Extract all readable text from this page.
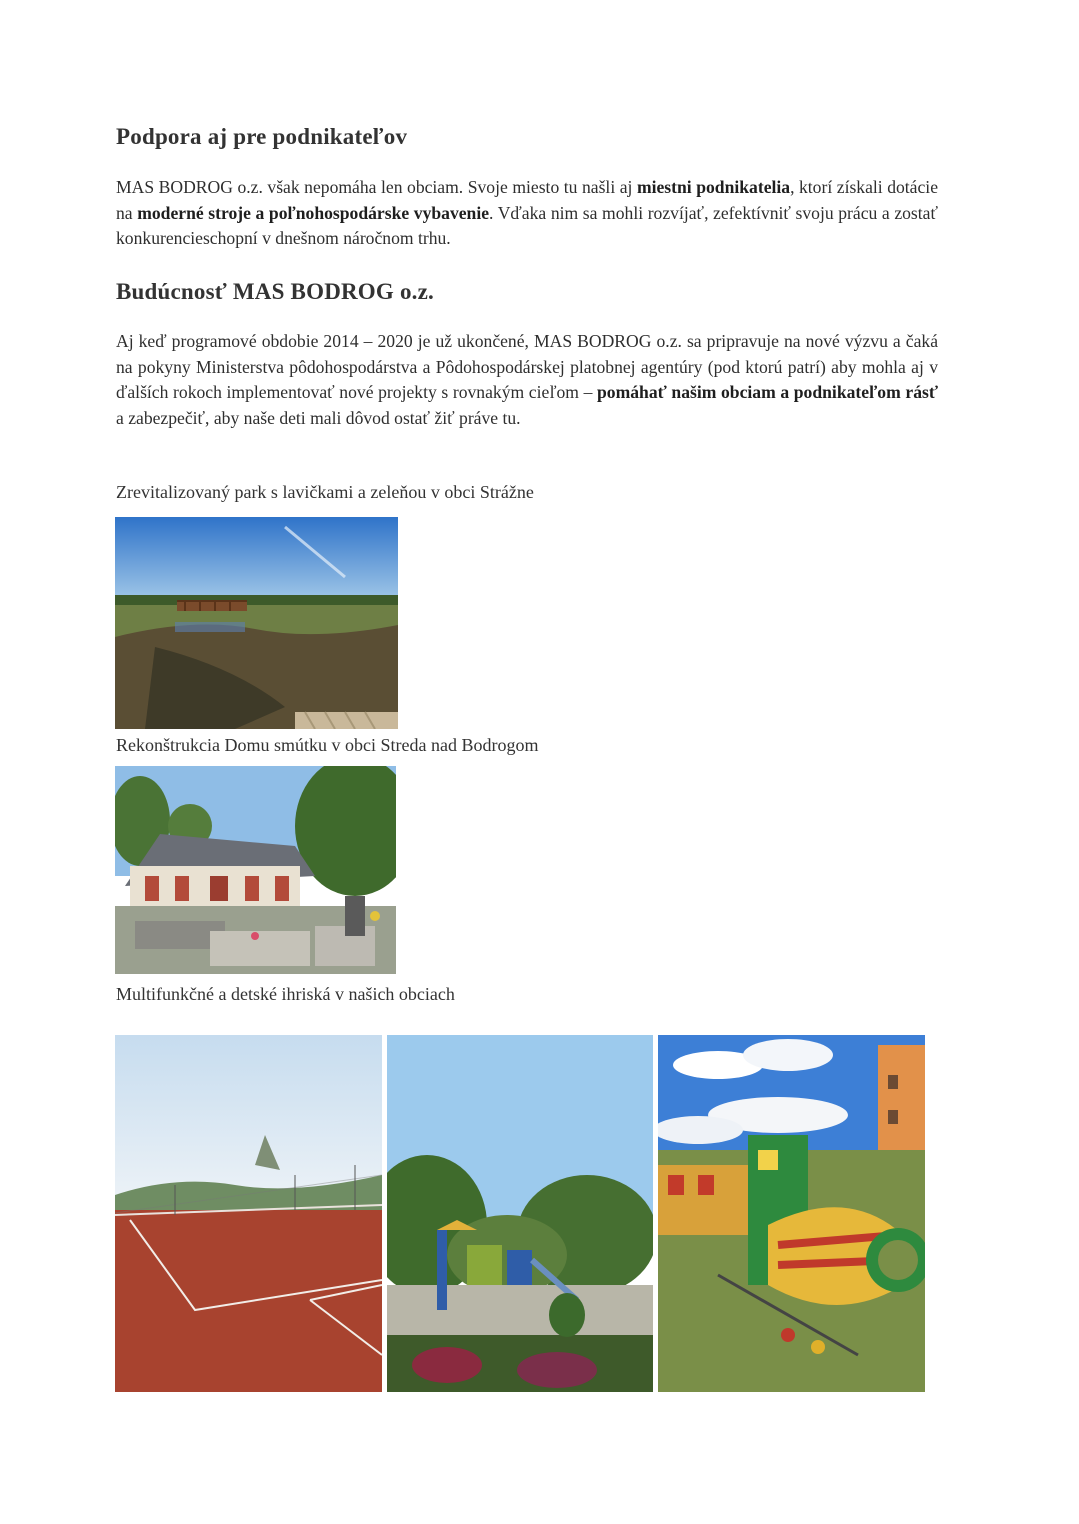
Podpora aj pre podnikateľov

MAS BODROG o.z. však nepomáha len obciam. Svoje miesto tu našli aj miestni podnikatelia, ktorí získali dotácie na moderné stroje a poľnohospodárske vybavenie. Vďaka nim sa mohli rozvíjať, zefektívniť svoju prácu a zostať konkurencieschopní v dnešnom náročnom trhu.

Budúcnosť MAS BODROG o.z.

Aj keď programové obdobie 2014 – 2020 je už ukončené, MAS BODROG o.z. sa pripravuje na nové výzvu a čaká na pokyny Ministerstva pôdohospodárstva a Pôdohospodárskej platobnej agentúry (pod ktorú patrí) aby mohla aj v ďalších rokoch implementovať nové projekty s rovnakým cieľom – pomáhať našim obciam a podnikateľom rásť a zabezpečiť, aby naše deti mali dôvod ostať žiť práve tu.

Zrevitalizovaný park s lavičkami a zeleňou v obci Strážne

Rekonštrukcia Domu smútku v obci Streda nad Bodrogom

Multifunkčné a detské ihriská v našich obciach
